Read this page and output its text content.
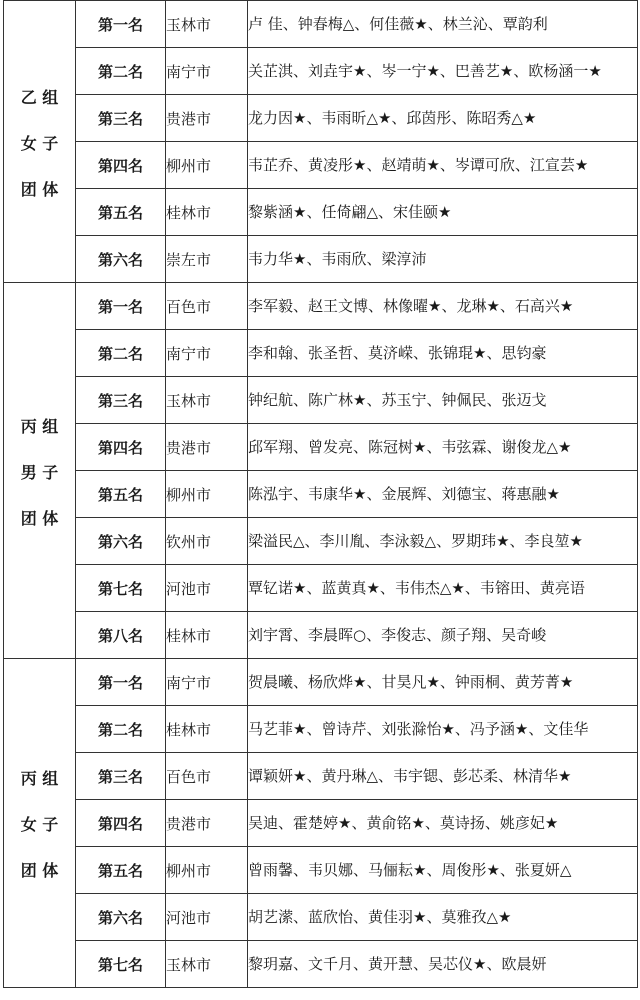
乙 组
女 子
团 体	第一名	玉林市	卢 佳、钟春梅△、何佳薇★、林兰沁、覃韵利
	第二名	南宁市	关芷淇、刘垚宇★、岑一宁★、巴善艺★、欧杨涵一★
	第三名	贵港市	龙力因★、韦雨昕△★、邱茵彤、陈昭秀△★
	第四名	柳州市	韦芷乔、黄凌彤★、赵靖萌★、岑谭可欣、江宣芸★
	第五名	桂林市	黎紫涵★、任倚翩△、宋佳颐★
	第六名	崇左市	韦力华★、韦雨欣、梁淳沛

丙 组
男 子
团 体	第一名	百色市	李军毅、赵王文博、林像曜★、龙琳★、石高兴★
	第二名	南宁市	李和翰、张圣哲、莫济嵘、张锦琨★、思钧豪
	第三名	玉林市	钟纪航、陈广林★、苏玉宁、钟佩民、张迈戈
	第四名	贵港市	邱军翔、曾发亮、陈冠树★、韦弦霖、谢俊龙△★
	第五名	柳州市	陈泓宇、韦康华★、金展辉、刘德宝、蒋惠融★
	第六名	钦州市	梁溢民△、李川胤、李泳毅△、罗期玮★、李良堃★
	第七名	河池市	覃钇诺★、蓝黄真★、韦伟杰△★、韦镕田、黄亮语
	第八名	桂林市	刘宇霄、李晨晖○、李俊志、颜子翔、吴奇峻

丙 组
女 子
团 体	第一名	南宁市	贺晨曦、杨欣烨★、甘昊凡★、钟雨桐、黄芳菁★
	第二名	桂林市	马艺菲★、曾诗芹、刘张滁怡★、冯予涵★、文佳华
	第三名	百色市	谭颖妍★、黄丹琳△、韦宇锶、彭芯柔、林清华★
	第四名	贵港市	吴迪、霍楚婷★、黄俞铭★、莫诗扬、姚彦妃★
	第五名	柳州市	曾雨馨、韦贝娜、马俪耘★、周俊彤★、张夏妍△
	第六名	河池市	胡艺潆、蓝欣怡、黄佳羽★、莫雅孜△★
	第七名	玉林市	黎玥嘉、文千月、黄开慧、吴芯仪★、欧晨妍
